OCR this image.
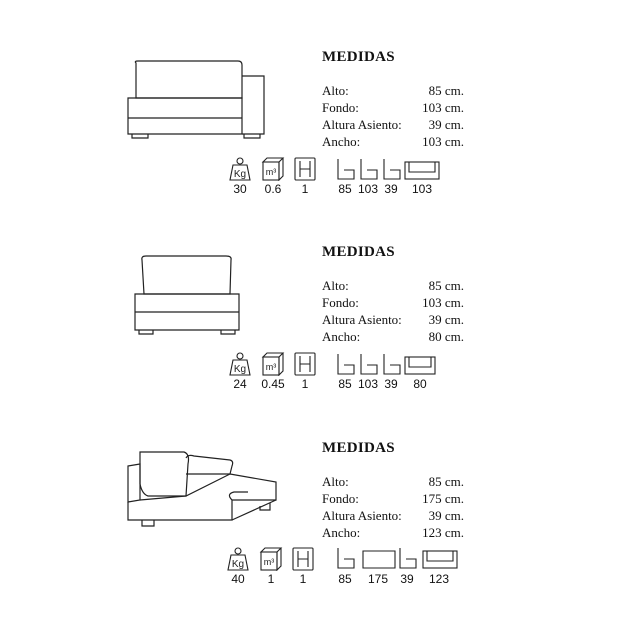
MEDIDAS
Alto:	85 cm.
Fondo:	103 cm.
Altura Asiento: 39 cm.
Ancho:	103 cm.
Kg m³
30	0.6	1	85 103 39	103
MEDIDAS
Alto:	85 cm.
Fondo:	103 cm.
Altura Asiento: 39 cm.
Ancho:	80 cm.
Kg m³
24	0.45	1	85 103 39	80
MEDIDAS
Alto:	85 cm.
Fondo:	175 cm.
Altura Asiento: 39 cm.
Ancho:	123 cm.
Kg m³
40	1	1	85	175	39	123
